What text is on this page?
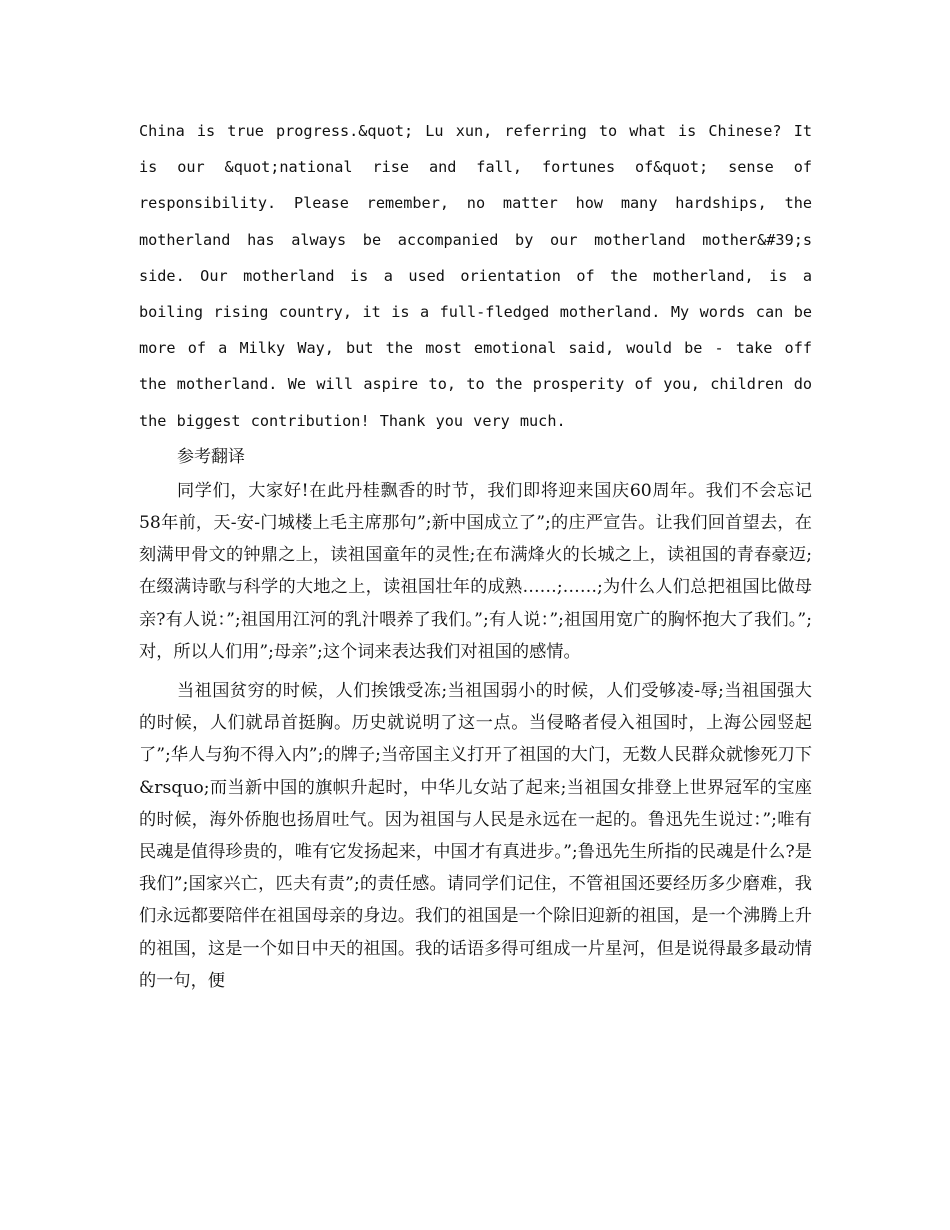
China is true progress.&quot; Lu xun, referring to what is Chinese? It is our &quot;national rise and fall, fortunes of&quot; sense of responsibility. Please remember, no matter how many hardships, the motherland has always be accompanied by our motherland mother&#39;s side. Our motherland is a used orientation of the motherland, is a boiling rising country, it is a full-fledged motherland. My words can be more of a Milky Way, but the most emotional said, would be - take off the motherland. We will aspire to, to the prosperity of you, children do the biggest contribution! Thank you very much.

参考翻译

同学们，大家好!在此丹桂飘香的时节，我们即将迎来国庆60周年。我们不会忘记58年前，天-安-门城楼上毛主席那句”;新中国成立了”;的庄严宣告。让我们回首望去，在刻满甲骨文的钟鼎之上，读祖国童年的灵性;在布满烽火的长城之上，读祖国的青春豪迈;在缀满诗歌与科学的大地之上，读祖国壮年的成熟……;……;为什么人们总把祖国比做母亲?有人说：”;祖国用江河的乳汁喂养了我们。”;有人说：”;祖国用宽广的胸怀抱大了我们。”;对，所以人们用”;母亲”;这个词来表达我们对祖国的感情。

当祖国贫穷的时候，人们挨饿受冻;当祖国弱小的时候，人们受够凌-辱;当祖国强大的时候，人们就昂首挺胸。历史就说明了这一点。当侵略者侵入祖国时，上海公园竖起了”;华人与狗不得入内”;的牌子;当帝国主义打开了祖国的大门，无数人民群众就惨死刀下&rsquo;而当新中国的旗帜升起时，中华儿女站了起来;当祖国女排登上世界冠军的宝座的时候，海外侨胞也扬眉吐气。因为祖国与人民是永远在一起的。鲁迅先生说过：”;唯有民魂是值得珍贵的，唯有它发扬起来，中国才有真进步。”;鲁迅先生所指的民魂是什么?是我们”;国家兴亡，匹夫有责”;的责任感。请同学们记住，不管祖国还要经历多少磨难，我们永远都要陪伴在祖国母亲的身边。我们的祖国是一个除旧迎新的祖国，是一个沸腾上升的祖国，这是一个如日中天的祖国。我的话语多得可组成一片星河，但是说得最多最动情的一句，便
